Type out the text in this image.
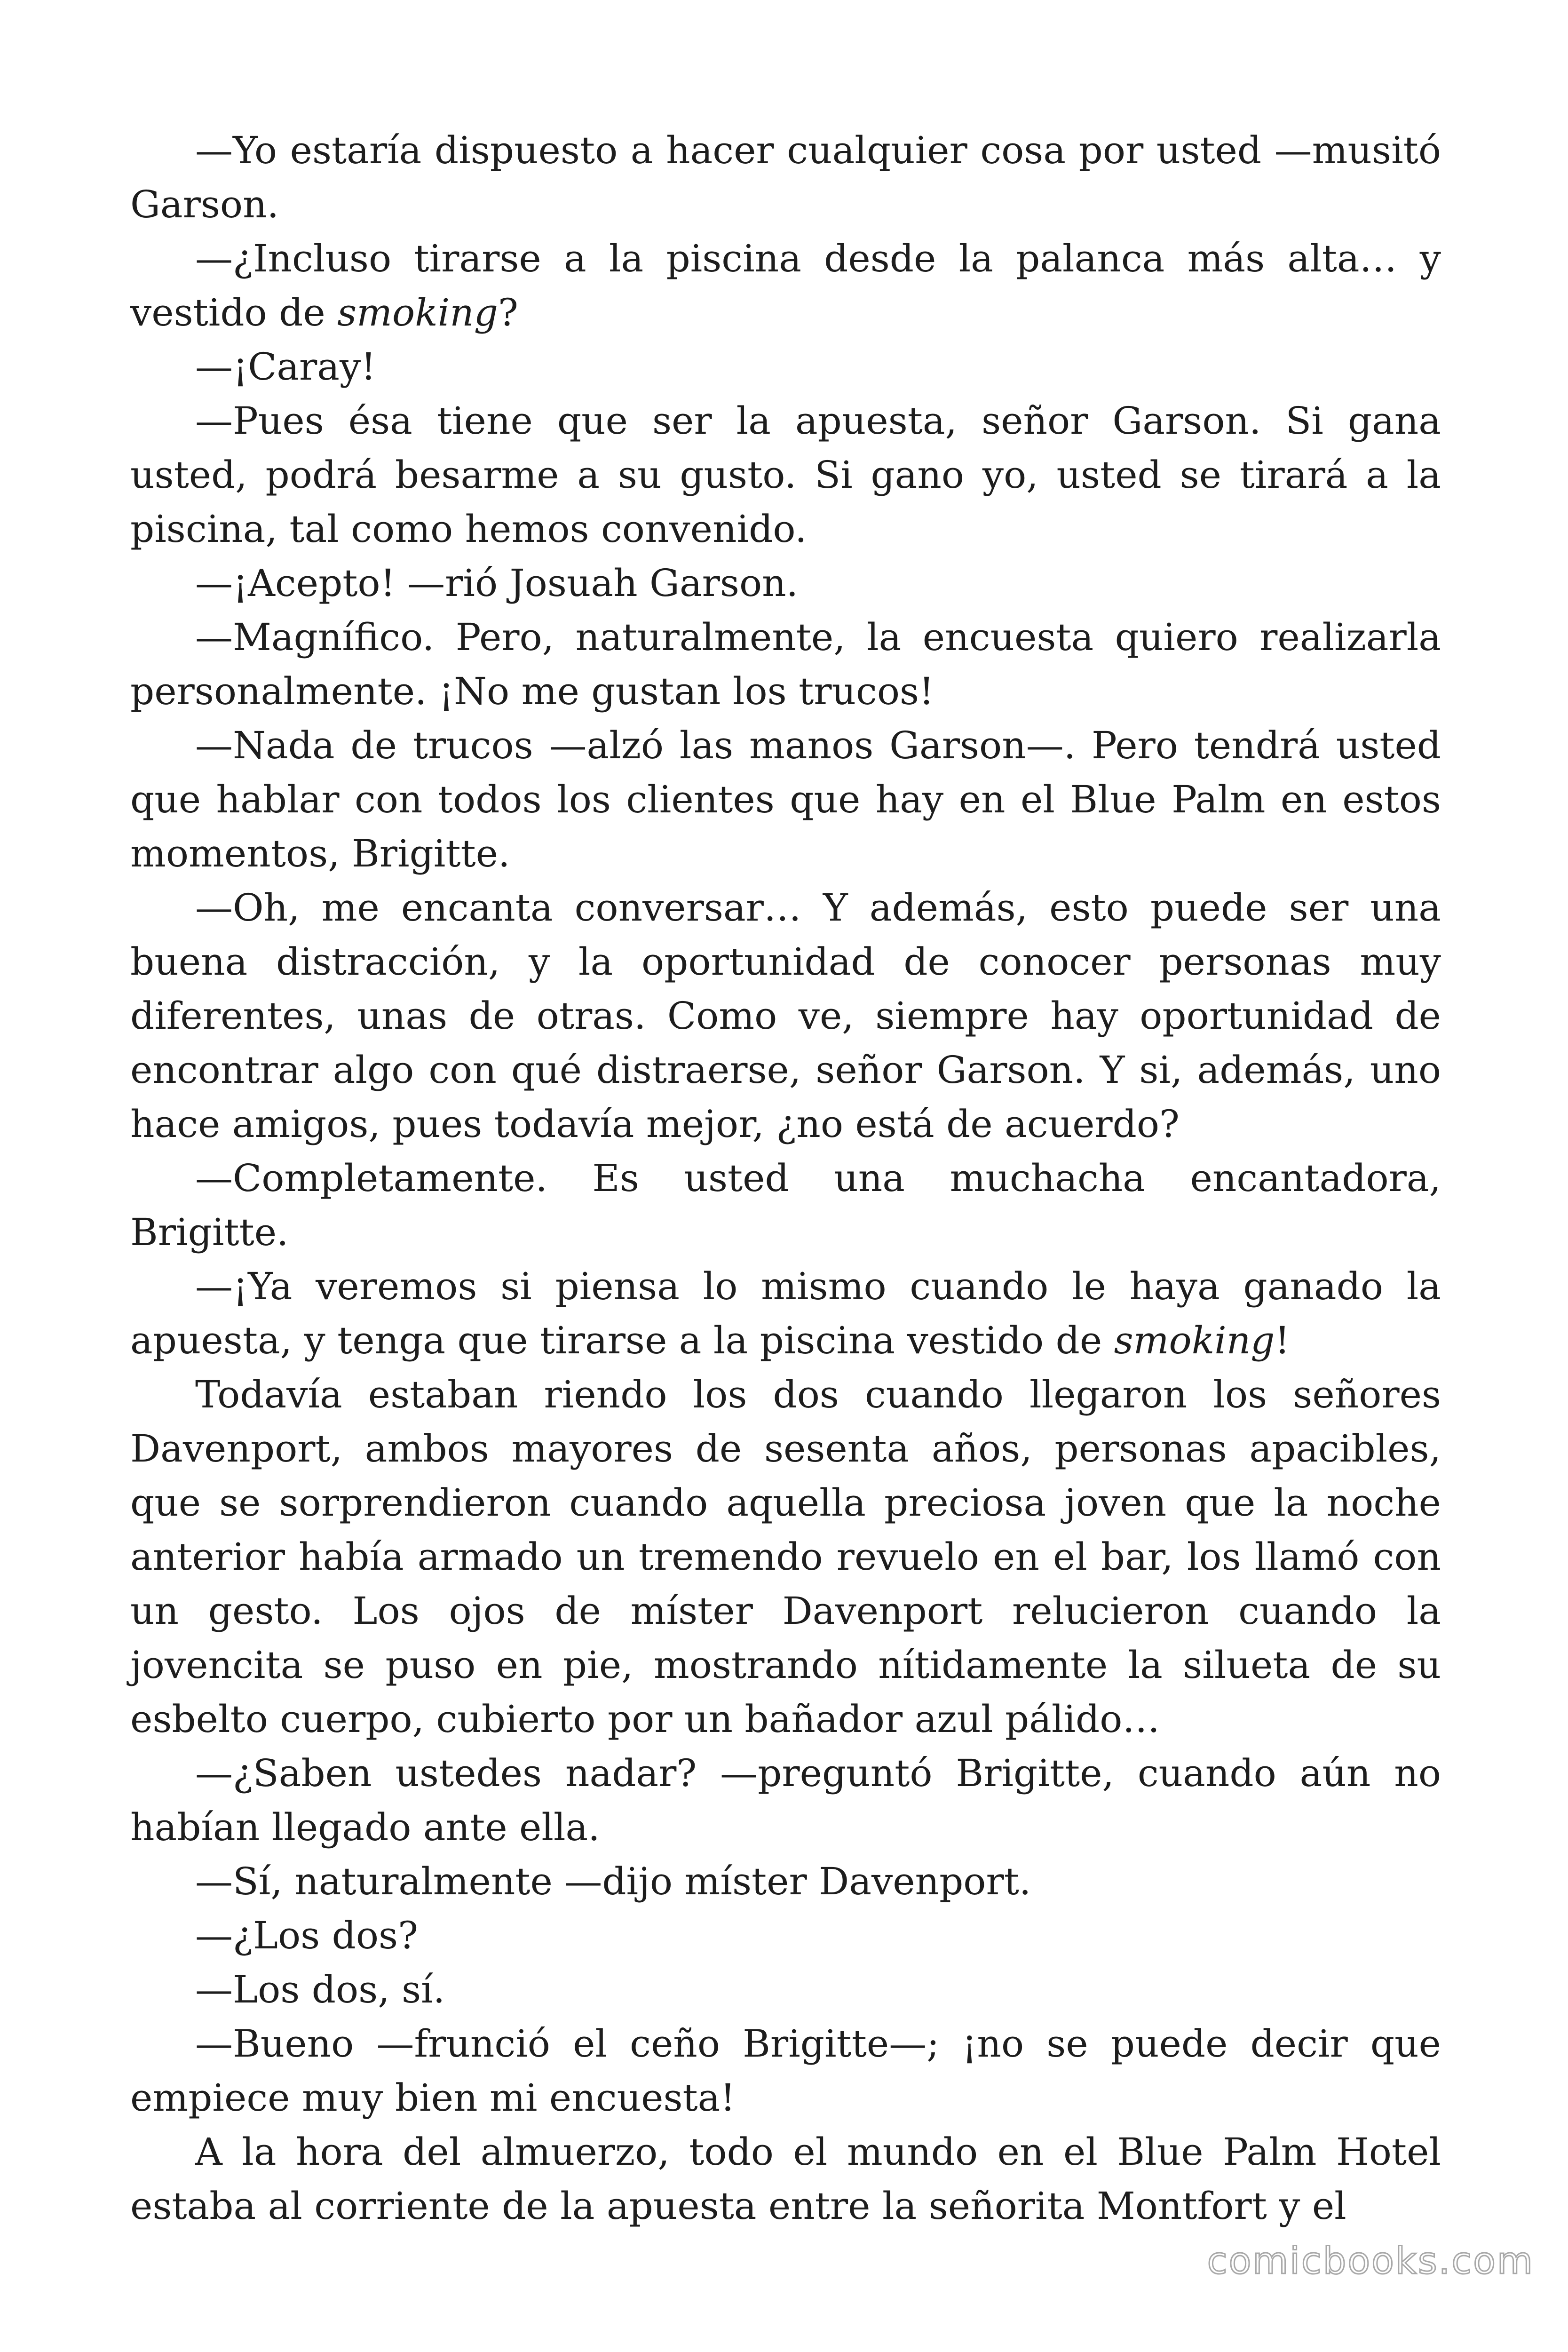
—Yo estaría dispuesto a hacer cualquier cosa por usted —musitó Garson.

—¿Incluso tirarse a la piscina desde la palanca más alta… y vestido de smoking?

—¡Caray!

—Pues ésa tiene que ser la apuesta, señor Garson. Si gana usted, podrá besarme a su gusto. Si gano yo, usted se tirará a la piscina, tal como hemos convenido.

—¡Acepto! —rió Josuah Garson.

—Magnífico. Pero, naturalmente, la encuesta quiero realizarla personalmente. ¡No me gustan los trucos!

—Nada de trucos —alzó las manos Garson—. Pero tendrá usted que hablar con todos los clientes que hay en el Blue Palm en estos momentos, Brigitte.

—Oh, me encanta conversar… Y además, esto puede ser una buena distracción, y la oportunidad de conocer personas muy diferentes, unas de otras. Como ve, siempre hay oportunidad de encontrar algo con qué distraerse, señor Garson. Y si, además, uno hace amigos, pues todavía mejor, ¿no está de acuerdo?

—Completamente. Es usted una muchacha encantadora, Brigitte.

—¡Ya veremos si piensa lo mismo cuando le haya ganado la apuesta, y tenga que tirarse a la piscina vestido de smoking!

Todavía estaban riendo los dos cuando llegaron los señores Davenport, ambos mayores de sesenta años, personas apacibles, que se sorprendieron cuando aquella preciosa joven que la noche anterior había armado un tremendo revuelo en el bar, los llamó con un gesto. Los ojos de míster Davenport relucieron cuando la jovencita se puso en pie, mostrando nítidamente la silueta de su esbelto cuerpo, cubierto por un bañador azul pálido…

—¿Saben ustedes nadar? —preguntó Brigitte, cuando aún no habían llegado ante ella.

—Sí, naturalmente —dijo míster Davenport.

—¿Los dos?

—Los dos, sí.

—Bueno —frunció el ceño Brigitte—; ¡no se puede decir que empiece muy bien mi encuesta!

A la hora del almuerzo, todo el mundo en el Blue Palm Hotel estaba al corriente de la apuesta entre la señorita Montfort y el

comicbooks.com
